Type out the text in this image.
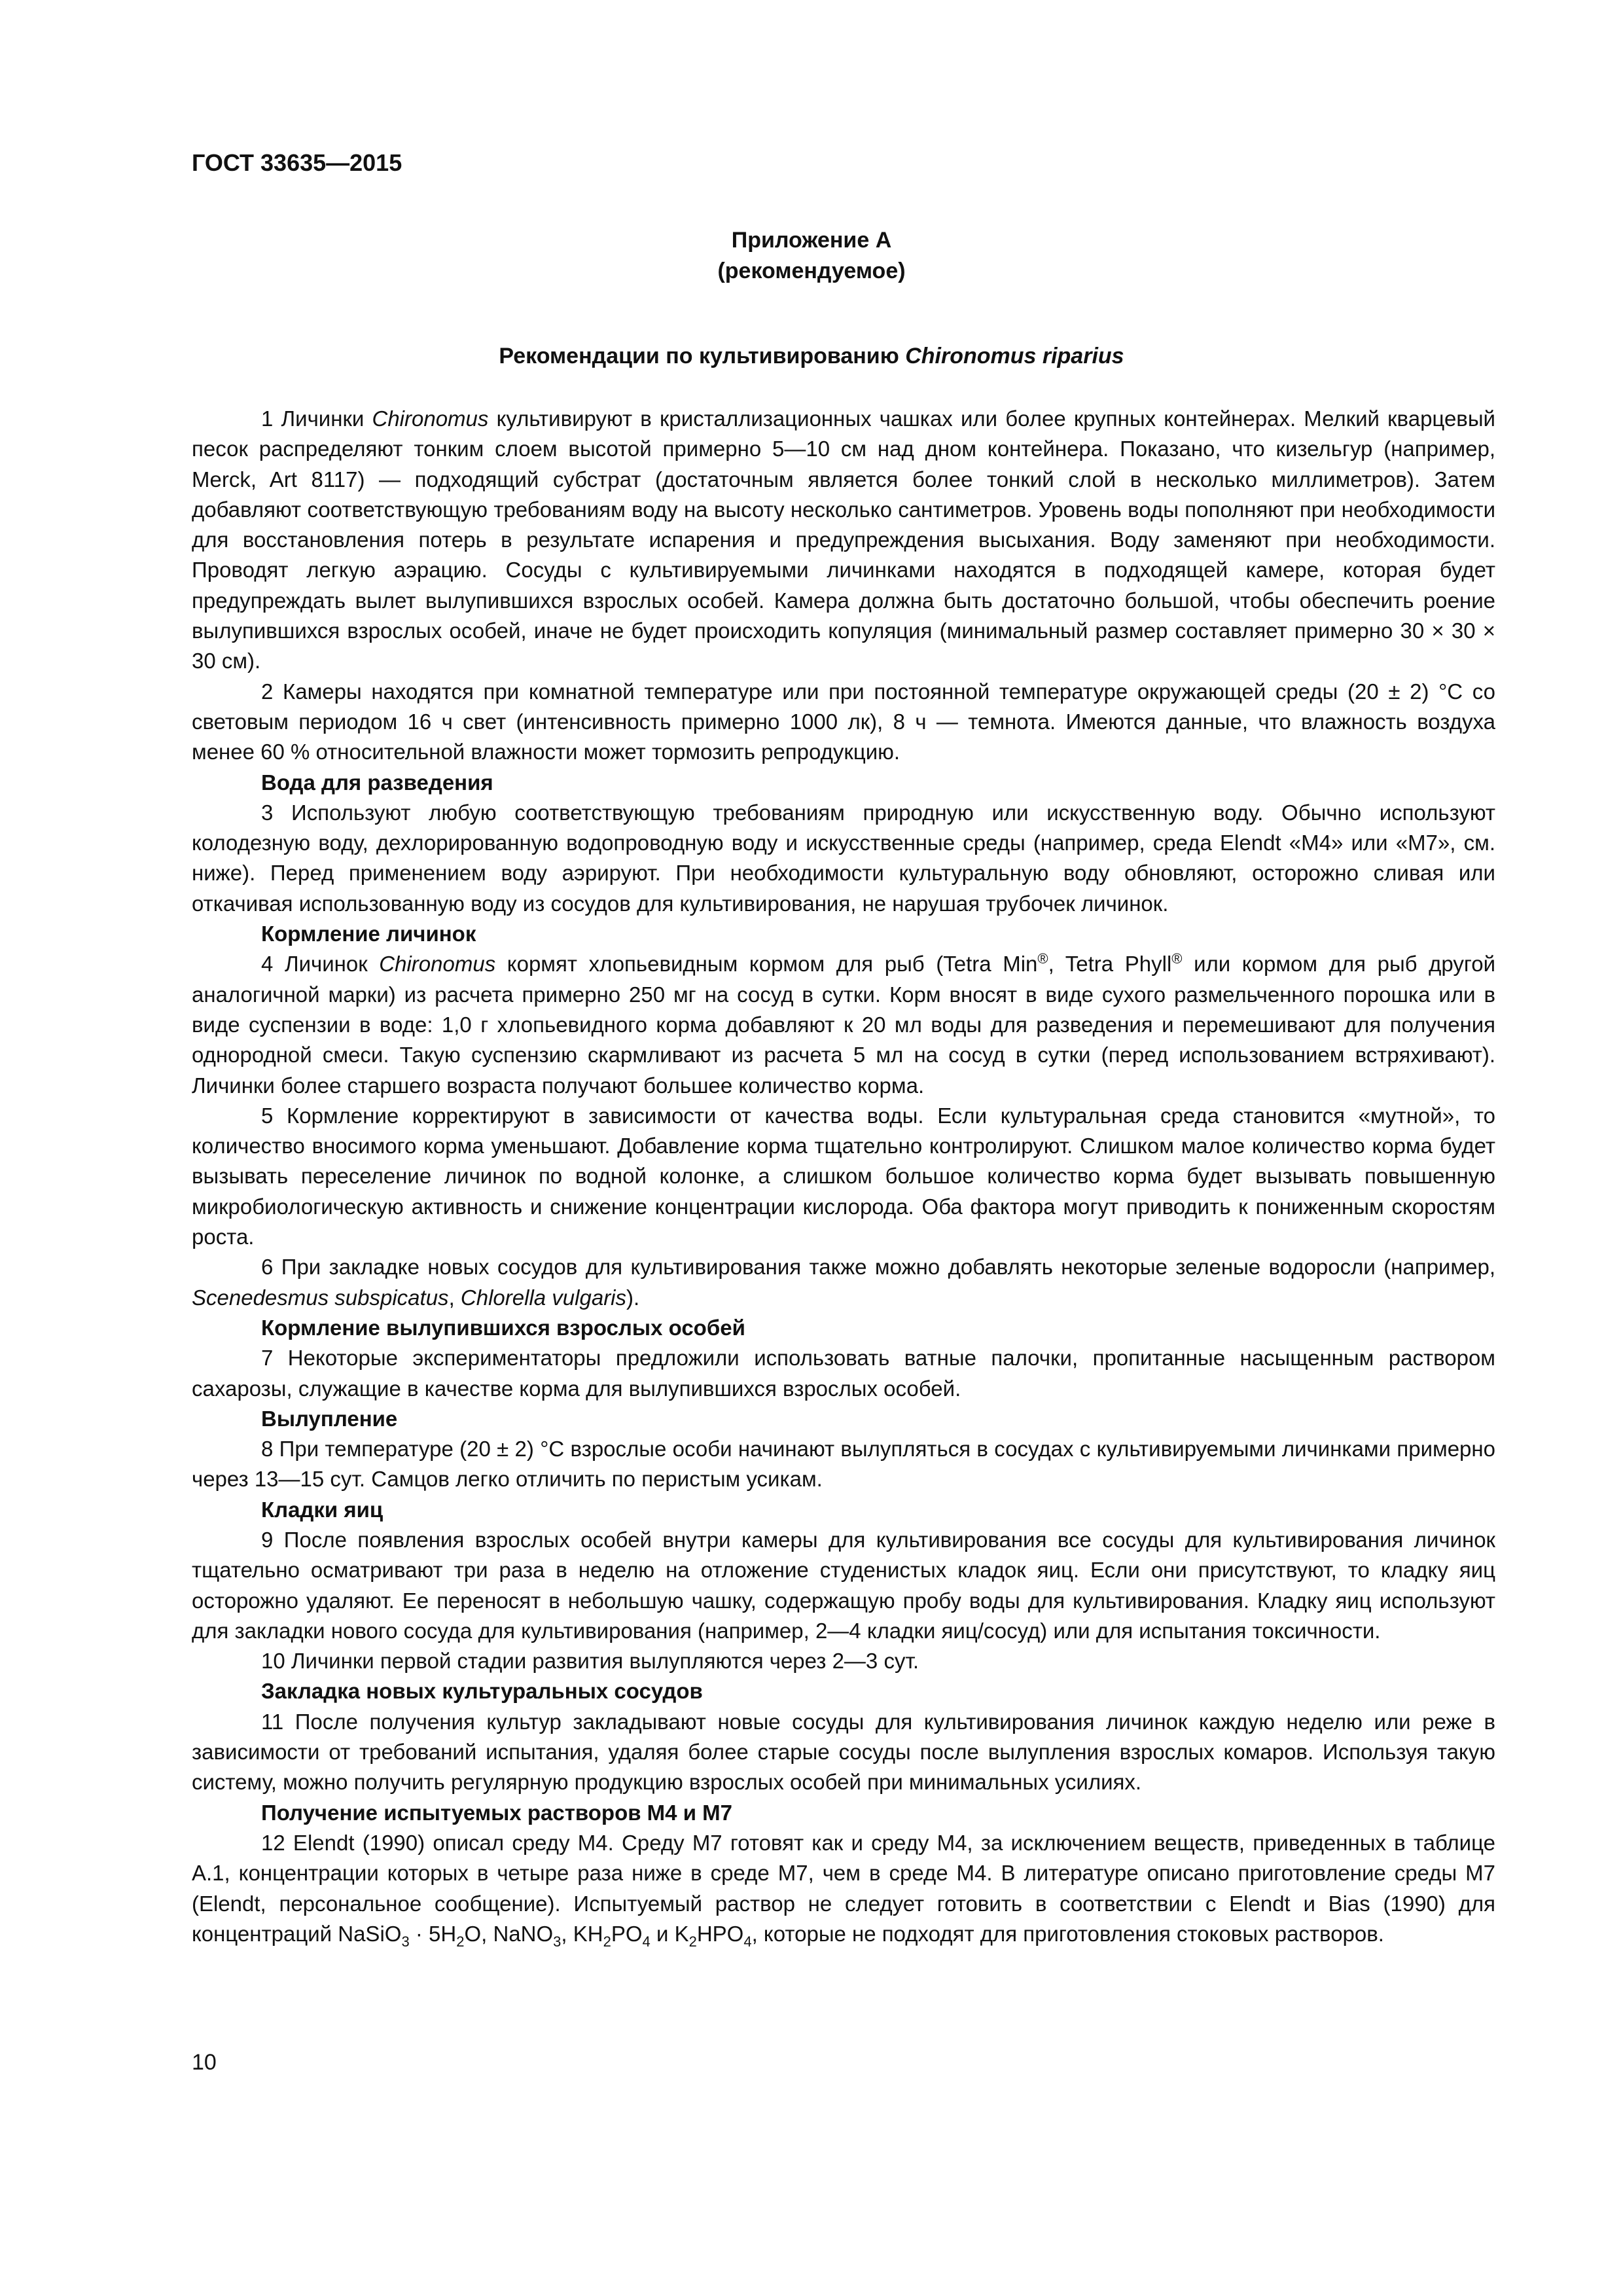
ГОСТ 33635—2015
Приложение А
(рекомендуемое)
Рекомендации по культивированию Chironomus riparius

1 Личинки Chironomus культивируют в кристаллизационных чашках или более крупных контейнерах. Мелкий кварцевый песок распределяют тонким слоем высотой примерно 5—10 см над дном контейнера. Показано, что кизельгур (например, Merck, Art 8117) — подходящий субстрат (достаточным является более тонкий слой в несколько миллиметров). Затем добавляют соответствующую требованиям воду на высоту несколько сантиметров. Уровень воды пополняют при необходимости для восстановления потерь в результате испарения и предупреждения высыхания. Воду заменяют при необходимости. Проводят легкую аэрацию. Сосуды с культивируемыми личинками находятся в подходящей камере, которая будет предупреждать вылет вылупившихся взрослых особей. Камера должна быть достаточно большой, чтобы обеспечить роение вылупившихся взрослых особей, иначе не будет происходить копуляция (минимальный размер составляет примерно 30 × 30 × 30 см).

2 Камеры находятся при комнатной температуре или при постоянной температуре окружающей среды (20 ± 2) °С со световым периодом 16 ч свет (интенсивность примерно 1000 лк), 8 ч — темнота. Имеются данные, что влажность воздуха менее 60 % относительной влажности может тормозить репродукцию.

Вода для разведения

3 Используют любую соответствующую требованиям природную или искусственную воду. Обычно используют колодезную воду, дехлорированную водопроводную воду и искусственные среды (например, среда Elendt «M4» или «M7», см. ниже). Перед применением воду аэрируют. При необходимости культуральную воду обновляют, осторожно сливая или откачивая использованную воду из сосудов для культивирования, не нарушая трубочек личинок.

Кормление личинок

4 Личинок Chironomus кормят хлопьевидным кормом для рыб (Tetra Min®, Tetra Phyll® или кормом для рыб другой аналогичной марки) из расчета примерно 250 мг на сосуд в сутки. Корм вносят в виде сухого размельченного порошка или в виде суспензии в воде: 1,0 г хлопьевидного корма добавляют к 20 мл воды для разведения и перемешивают для получения однородной смеси. Такую суспензию скармливают из расчета 5 мл на сосуд в сутки (перед использованием встряхивают). Личинки более старшего возраста получают большее количество корма.

5 Кормление корректируют в зависимости от качества воды. Если культуральная среда становится «мутной», то количество вносимого корма уменьшают. Добавление корма тщательно контролируют. Слишком малое количество корма будет вызывать переселение личинок по водной колонке, а слишком большое количество корма будет вызывать повышенную микробиологическую активность и снижение концентрации кислорода. Оба фактора могут приводить к пониженным скоростям роста.

6 При закладке новых сосудов для культивирования также можно добавлять некоторые зеленые водоросли (например, Scenedesmus subspicatus, Chlorella vulgaris).

Кормление вылупившихся взрослых особей

7 Некоторые экспериментаторы предложили использовать ватные палочки, пропитанные насыщенным раствором сахарозы, служащие в качестве корма для вылупившихся взрослых особей.

Вылупление

8 При температуре (20 ± 2) °С взрослые особи начинают вылупляться в сосудах с культивируемыми личинками примерно через 13—15 сут. Самцов легко отличить по перистым усикам.

Кладки яиц

9 После появления взрослых особей внутри камеры для культивирования все сосуды для культивирования личинок тщательно осматривают три раза в неделю на отложение студенистых кладок яиц. Если они присутствуют, то кладку яиц осторожно удаляют. Ее переносят в небольшую чашку, содержащую пробу воды для культивирования. Кладку яиц используют для закладки нового сосуда для культивирования (например, 2—4 кладки яиц/сосуд) или для испытания токсичности.

10 Личинки первой стадии развития вылупляются через 2—3 сут.

Закладка новых культуральных сосудов

11 После получения культур закладывают новые сосуды для культивирования личинок каждую неделю или реже в зависимости от требований испытания, удаляя более старые сосуды после вылупления взрослых комаров. Используя такую систему, можно получить регулярную продукцию взрослых особей при минимальных усилиях.

Получение испытуемых растворов M4 и M7

12 Elendt (1990) описал среду M4. Среду M7 готовят как и среду M4, за исключением веществ, приведенных в таблице А.1, концентрации которых в четыре раза ниже в среде M7, чем в среде M4. В литературе описано приготовление среды M7 (Elendt, персональное сообщение). Испытуемый раствор не следует готовить в соответствии с Elendt и Bias (1990) для концентраций NaSiO$_3$ · $5H_2O$, NaNO$_3$, $KH_2PO_4$ и $K_2HPO_4$, которые не подходят для приготовления стоковых растворов.

10
